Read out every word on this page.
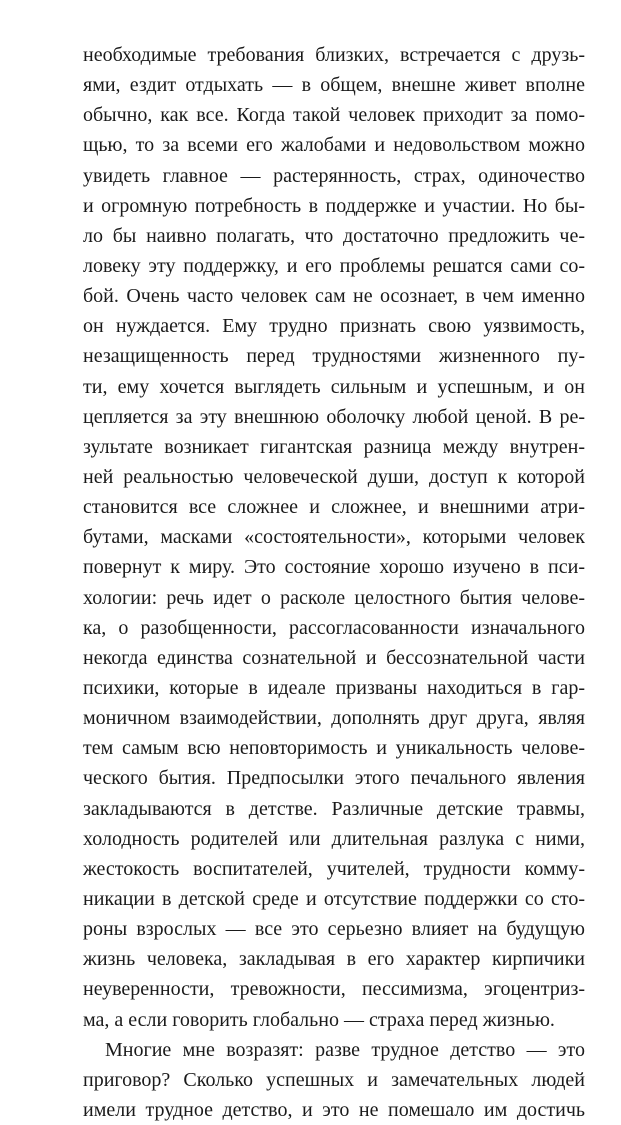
необходимые требования близких, встречается с друзь-
ями, ездит отдыхать — в общем, внешне живет вполне
обычно, как все. Когда такой человек приходит за помо-
щью, то за всеми его жалобами и недовольством можно
увидеть главное — растерянность, страх, одиночество
и огромную потребность в поддержке и участии. Но бы-
ло бы наивно полагать, что достаточно предложить че-
ловеку эту поддержку, и его проблемы решатся сами со-
бой. Очень часто человек сам не осознает, в чем именно
он нуждается. Ему трудно признать свою уязвимость,
незащищенность перед трудностями жизненного пу-
ти, ему хочется выглядеть сильным и успешным, и он
цепляется за эту внешнюю оболочку любой ценой. В ре-
зультате возникает гигантская разница между внутрен-
ней реальностью человеческой души, доступ к которой
становится все сложнее и сложнее, и внешними атри-
бутами, масками «состоятельности», которыми человек
повернут к миру. Это состояние хорошо изучено в пси-
хологии: речь идет о расколе целостного бытия челове-
ка, о разобщенности, рассогласованности изначального
некогда единства сознательной и бессознательной части
психики, которые в идеале призваны находиться в гар-
моничном взаимодействии, дополнять друг друга, являя
тем самым всю неповторимость и уникальность челове-
ческого бытия. Предпосылки этого печального явления
закладываются в детстве. Различные детские травмы,
холодность родителей или длительная разлука с ними,
жестокость воспитателей, учителей, трудности комму-
никации в детской среде и отсутствие поддержки со сто-
роны взрослых — все это серьезно влияет на будущую
жизнь человека, закладывая в его характер кирпичики
неуверенности, тревожности, пессимизма, эгоцентриз-
ма, а если говорить глобально — страха перед жизнью.
Многие мне возразят: разве трудное детство — это
приговор? Сколько успешных и замечательных людей
имели трудное детство, и это не помешало им достичь
